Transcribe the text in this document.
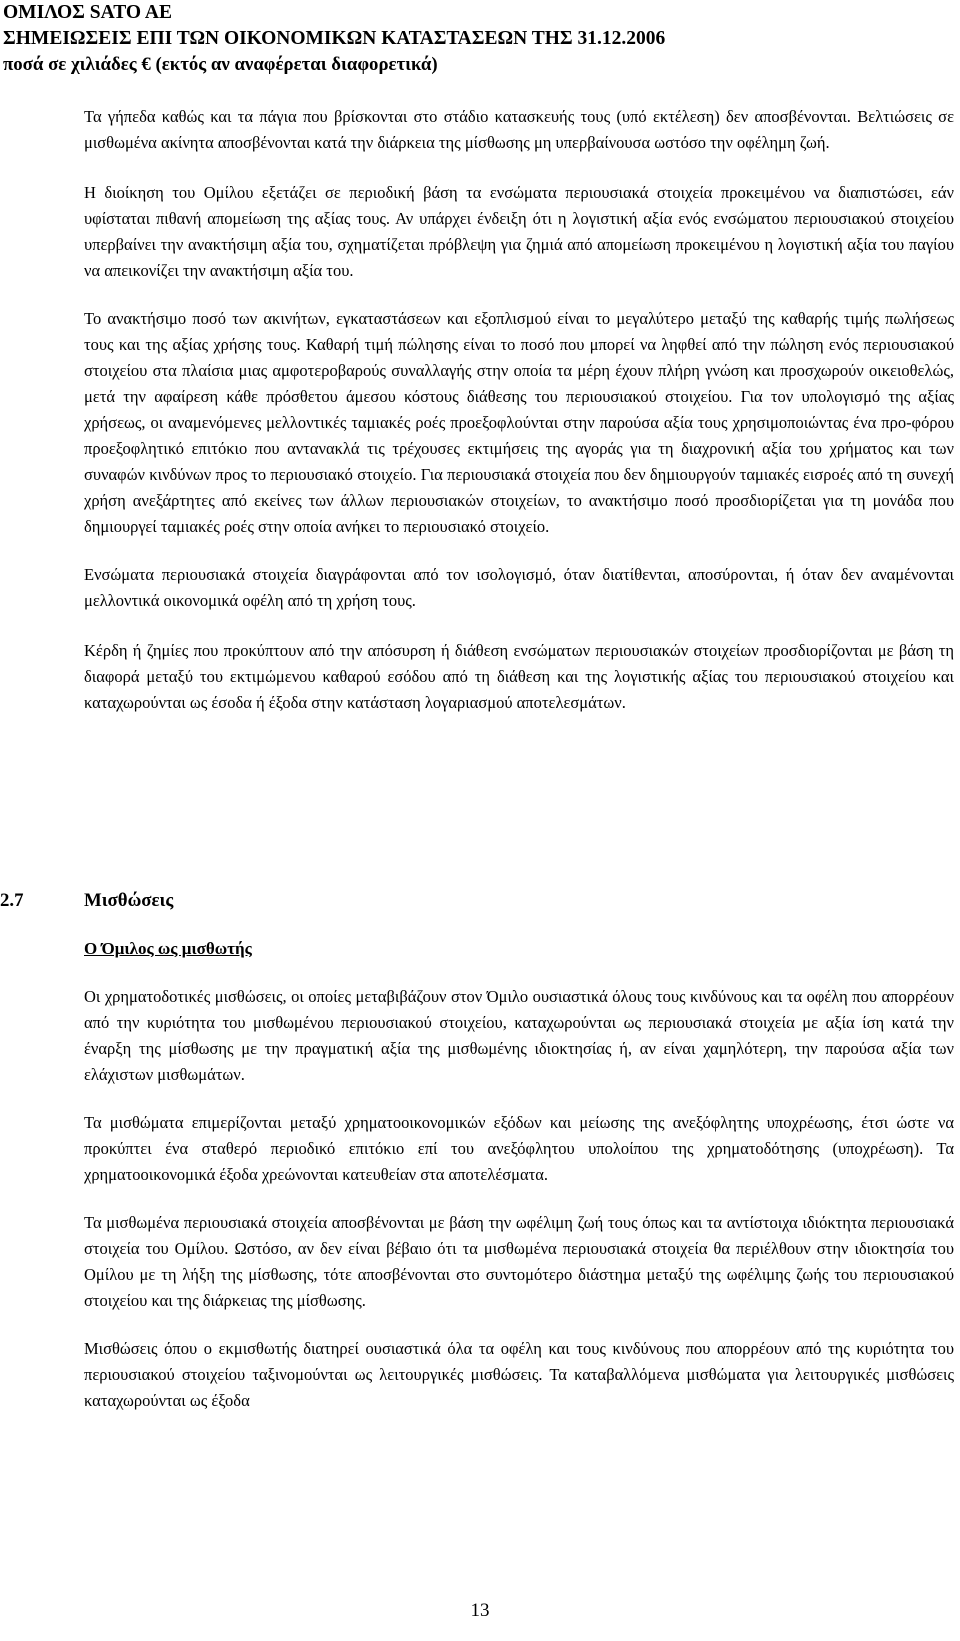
ΟΜΙΛΟΣ SATO AE

ΣΗΜΕΙΩΣΕΙΣ ΕΠΙ ΤΩΝ ΟΙΚΟΝΟΜΙΚΩΝ ΚΑΤΑΣΤΑΣΕΩΝ ΤΗΣ 31.12.2006

ποσά σε χιλιάδες € (εκτός αν αναφέρεται διαφορετικά)

Τα γήπεδα καθώς και τα πάγια που βρίσκονται στο στάδιο κατασκευής τους (υπό εκτέλεση) δεν αποσβένονται. Βελτιώσεις σε μισθωμένα ακίνητα αποσβένονται κατά την διάρκεια της μίσθωσης μη υπερβαίνουσα ωστόσο την οφέλημη ζωή.

Η διοίκηση του Ομίλου εξετάζει σε περιοδική βάση τα ενσώματα περιουσιακά στοιχεία προκειμένου να διαπιστώσει, εάν υφίσταται πιθανή απομείωση της αξίας τους. Αν υπάρχει ένδειξη ότι η λογιστική αξία ενός ενσώματου περιουσιακού στοιχείου υπερβαίνει την ανακτήσιμη αξία του, σχηματίζεται πρόβλεψη για ζημιά από απομείωση προκειμένου η λογιστική αξία του παγίου να απεικονίζει την ανακτήσιμη αξία του.

Το ανακτήσιμο ποσό των ακινήτων, εγκαταστάσεων και εξοπλισμού είναι το μεγαλύτερο μεταξύ της καθαρής τιμής πωλήσεως τους και της αξίας χρήσης τους. Καθαρή τιμή πώλησης είναι το ποσό που μπορεί να ληφθεί από την πώληση ενός περιουσιακού στοιχείου στα πλαίσια μιας αμφοτεροβαρούς συναλλαγής στην οποία τα μέρη έχουν πλήρη γνώση και προσχωρούν οικειοθελώς, μετά την αφαίρεση κάθε πρόσθετου άμεσου κόστους διάθεσης του περιουσιακού στοιχείου. Για τον υπολογισμό της αξίας χρήσεως, οι αναμενόμενες μελλοντικές ταμιακές ροές προεξοφλούνται στην παρούσα αξία τους χρησιμοποιώντας ένα προ-φόρου προεξοφλητικό επιτόκιο που αντανακλά τις τρέχουσες εκτιμήσεις της αγοράς για τη διαχρονική αξία του χρήματος και των συναφών κινδύνων προς το περιουσιακό στοιχείο. Για περιουσιακά στοιχεία που δεν δημιουργούν ταμιακές εισροές από τη συνεχή χρήση ανεξάρτητες από εκείνες των άλλων περιουσιακών στοιχείων, το ανακτήσιμο ποσό προσδιορίζεται για τη μονάδα που δημιουργεί ταμιακές ροές στην οποία ανήκει το περιουσιακό στοιχείο.

Ενσώματα περιουσιακά στοιχεία διαγράφονται από τον ισολογισμό, όταν διατίθενται, αποσύρονται, ή όταν δεν αναμένονται μελλοντικά οικονομικά οφέλη από τη χρήση τους.

Κέρδη ή ζημίες που προκύπτουν από την απόσυρση ή διάθεση ενσώματων περιουσιακών στοιχείων προσδιορίζονται με βάση τη διαφορά μεταξύ του εκτιμώμενου καθαρού εσόδου από τη διάθεση και της λογιστικής αξίας του περιουσιακού στοιχείου και καταχωρούνται ως έσοδα ή έξοδα στην κατάσταση λογαριασμού αποτελεσμάτων.

2.7	Μισθώσεις

Ο Όμιλος ως μισθωτής

Οι χρηματοδοτικές μισθώσεις, οι οποίες μεταβιβάζουν στον Όμιλο ουσιαστικά όλους τους κινδύνους και τα οφέλη που απορρέουν από την κυριότητα του μισθωμένου περιουσιακού στοιχείου, καταχωρούνται ως περιουσιακά στοιχεία με αξία ίση κατά την έναρξη της μίσθωσης με την πραγματική αξία της μισθωμένης ιδιοκτησίας ή, αν είναι χαμηλότερη, την παρούσα αξία των ελάχιστων μισθωμάτων.

Τα μισθώματα επιμερίζονται μεταξύ χρηματοοικονομικών εξόδων και μείωσης της ανεξόφλητης υποχρέωσης, έτσι ώστε να προκύπτει ένα σταθερό περιοδικό επιτόκιο επί του ανεξόφλητου υπολοίπου της χρηματοδότησης (υποχρέωση). Τα χρηματοοικονομικά έξοδα χρεώνονται κατευθείαν στα αποτελέσματα.

Τα μισθωμένα περιουσιακά στοιχεία αποσβένονται με βάση την ωφέλιμη ζωή τους όπως και τα αντίστοιχα ιδιόκτητα περιουσιακά στοιχεία του Ομίλου. Ωστόσο, αν δεν είναι βέβαιο ότι τα μισθωμένα περιουσιακά στοιχεία θα περιέλθουν στην ιδιοκτησία του Ομίλου με τη λήξη της μίσθωσης, τότε αποσβένονται στο συντομότερο διάστημα μεταξύ της ωφέλιμης ζωής του περιουσιακού στοιχείου και της διάρκειας της μίσθωσης.

Μισθώσεις όπου ο εκμισθωτής διατηρεί ουσιαστικά όλα τα οφέλη και τους κινδύνους που απορρέουν από της κυριότητα του περιουσιακού στοιχείου ταξινομούνται ως λειτουργικές μισθώσεις. Τα καταβαλλόμενα μισθώματα για λειτουργικές μισθώσεις καταχωρούνται ως έξοδα

13
